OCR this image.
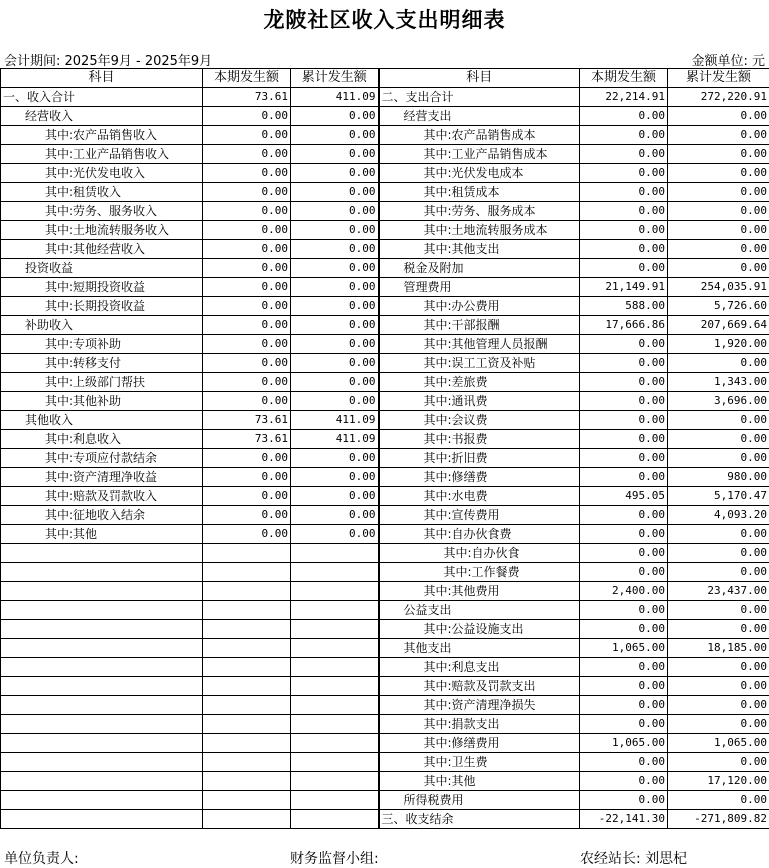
龙陂社区收入支出明细表
会计期间: 2025年9月 - 2025年9月	金额单位: 元
科目	本期发生额	累计发生额	科目	本期发生额	累计发生额
一、收入合计	73.61	411.09	二、支出合计	22,214.91	272,220.91
经营收入	0.00	0.00	经营支出	0.00	0.00
其中:农产品销售收入	0.00	0.00	其中:农产品销售成本	0.00	0.00
其中:工业产品销售收入	0.00	0.00	其中:工业产品销售成本	0.00	0.00
其中:光伏发电收入	0.00	0.00	其中:光伏发电成本	0.00	0.00
其中:租赁收入	0.00	0.00	其中:租赁成本	0.00	0.00
其中:劳务、服务收入	0.00	0.00	其中:劳务、服务成本	0.00	0.00
其中:土地流转服务收入	0.00	0.00	其中:土地流转服务成本	0.00	0.00
其中:其他经营收入	0.00	0.00	其中:其他支出	0.00	0.00
投资收益	0.00	0.00	税金及附加	0.00	0.00
其中:短期投资收益	0.00	0.00	管理费用	21,149.91	254,035.91
其中:长期投资收益	0.00	0.00	其中:办公费用	588.00	5,726.60
补助收入	0.00	0.00	其中:干部报酬	17,666.86	207,669.64
其中:专项补助	0.00	0.00	其中:其他管理人员报酬	0.00	1,920.00
其中:转移支付	0.00	0.00	其中:误工工资及补贴	0.00	0.00
其中:上级部门帮扶	0.00	0.00	其中:差旅费	0.00	1,343.00
其中:其他补助	0.00	0.00	其中:通讯费	0.00	3,696.00
其他收入	73.61	411.09	其中:会议费	0.00	0.00
其中:利息收入	73.61	411.09	其中:书报费	0.00	0.00
其中:专项应付款结余	0.00	0.00	其中:折旧费	0.00	0.00
其中:资产清理净收益	0.00	0.00	其中:修缮费	0.00	980.00
其中:赔款及罚款收入	0.00	0.00	其中:水电费	495.05	5,170.47
其中:征地收入结余	0.00	0.00	其中:宣传费用	0.00	4,093.20
其中:其他	0.00	0.00	其中:自办伙食费	0.00	0.00
			其中:自办伙食	0.00	0.00
			其中:工作餐费	0.00	0.00
			其中:其他费用	2,400.00	23,437.00
			公益支出	0.00	0.00
			其中:公益设施支出	0.00	0.00
			其他支出	1,065.00	18,185.00
			其中:利息支出	0.00	0.00
			其中:赔款及罚款支出	0.00	0.00
			其中:资产清理净损失	0.00	0.00
			其中:捐款支出	0.00	0.00
			其中:修缮费用	1,065.00	1,065.00
			其中:卫生费	0.00	0.00
			其中:其他	0.00	17,120.00
			所得税费用	0.00	0.00
			三、收支结余	-22,141.30	-271,809.82
单位负责人:	财务监督小组:	农经站长: 刘思杞
